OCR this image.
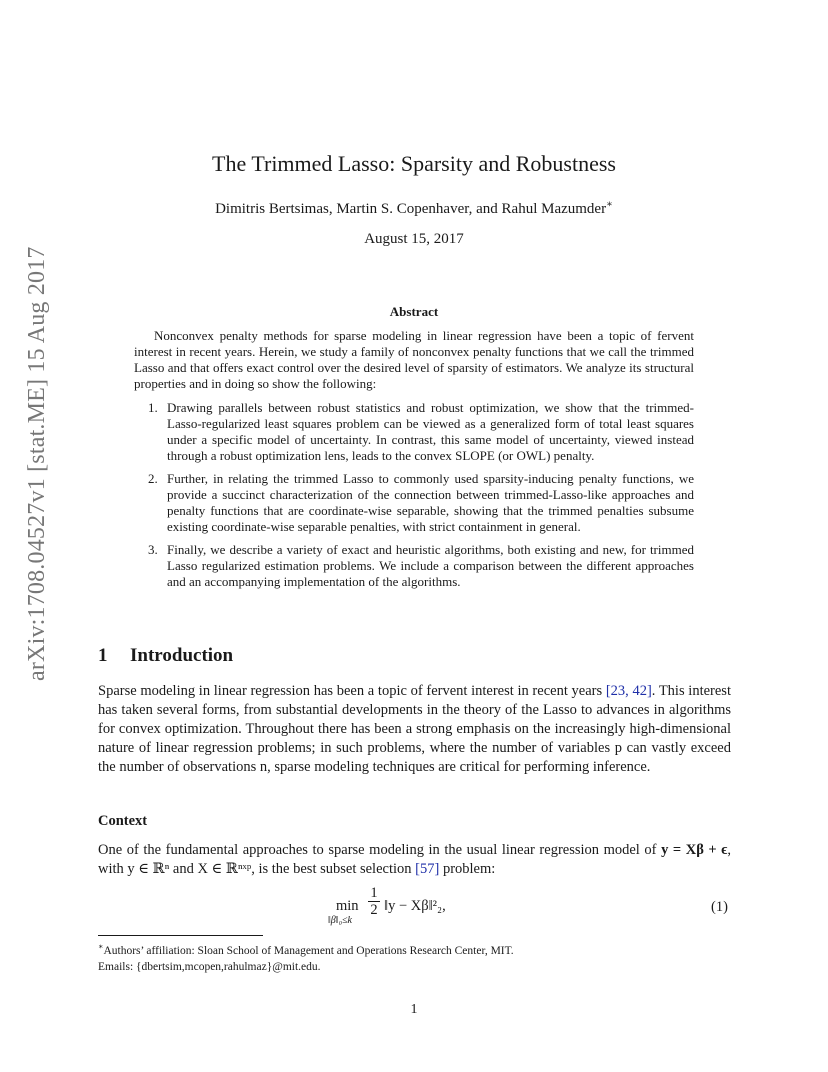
arXiv:1708.04527v1 [stat.ME] 15 Aug 2017
The Trimmed Lasso: Sparsity and Robustness
Dimitris Bertsimas, Martin S. Copenhaver, and Rahul Mazumder∗
August 15, 2017
Abstract

Nonconvex penalty methods for sparse modeling in linear regression have been a topic of fervent interest in recent years. Herein, we study a family of nonconvex penalty functions that we call the trimmed Lasso and that offers exact control over the desired level of sparsity of estimators. We analyze its structural properties and in doing so show the following:

1. Drawing parallels between robust statistics and robust optimization, we show that the trimmed-Lasso-regularized least squares problem can be viewed as a generalized form of total least squares under a specific model of uncertainty. In contrast, this same model of uncertainty, viewed instead through a robust optimization lens, leads to the convex SLOPE (or OWL) penalty.
2. Further, in relating the trimmed Lasso to commonly used sparsity-inducing penalty functions, we provide a succinct characterization of the connection between trimmed-Lasso-like approaches and penalty functions that are coordinate-wise separable, showing that the trimmed penalties subsume existing coordinate-wise separable penalties, with strict containment in general.
3. Finally, we describe a variety of exact and heuristic algorithms, both existing and new, for trimmed Lasso regularized estimation problems. We include a comparison between the different approaches and an accompanying implementation of the algorithms.
1 Introduction

Sparse modeling in linear regression has been a topic of fervent interest in recent years [23, 42]. This interest has taken several forms, from substantial developments in the theory of the Lasso to advances in algorithms for convex optimization. Throughout there has been a strong emphasis on the increasingly high-dimensional nature of linear regression problems; in such problems, where the number of variables p can vastly exceed the number of observations n, sparse modeling techniques are critical for performing inference.

Context

One of the fundamental approaches to sparse modeling in the usual linear regression model of y = Xβ + ϵ, with y ∈ ℝⁿ and X ∈ ℝⁿˣᵖ, is the best subset selection [57] problem:

min
‖β‖₀≤k
1
2 ‖y − Xβ‖²₂,	(1)
∗Authors’ affiliation: Sloan School of Management and Operations Research Center, MIT.
Emails: {dbertsim,mcopen,rahulmaz}@mit.edu.
1
